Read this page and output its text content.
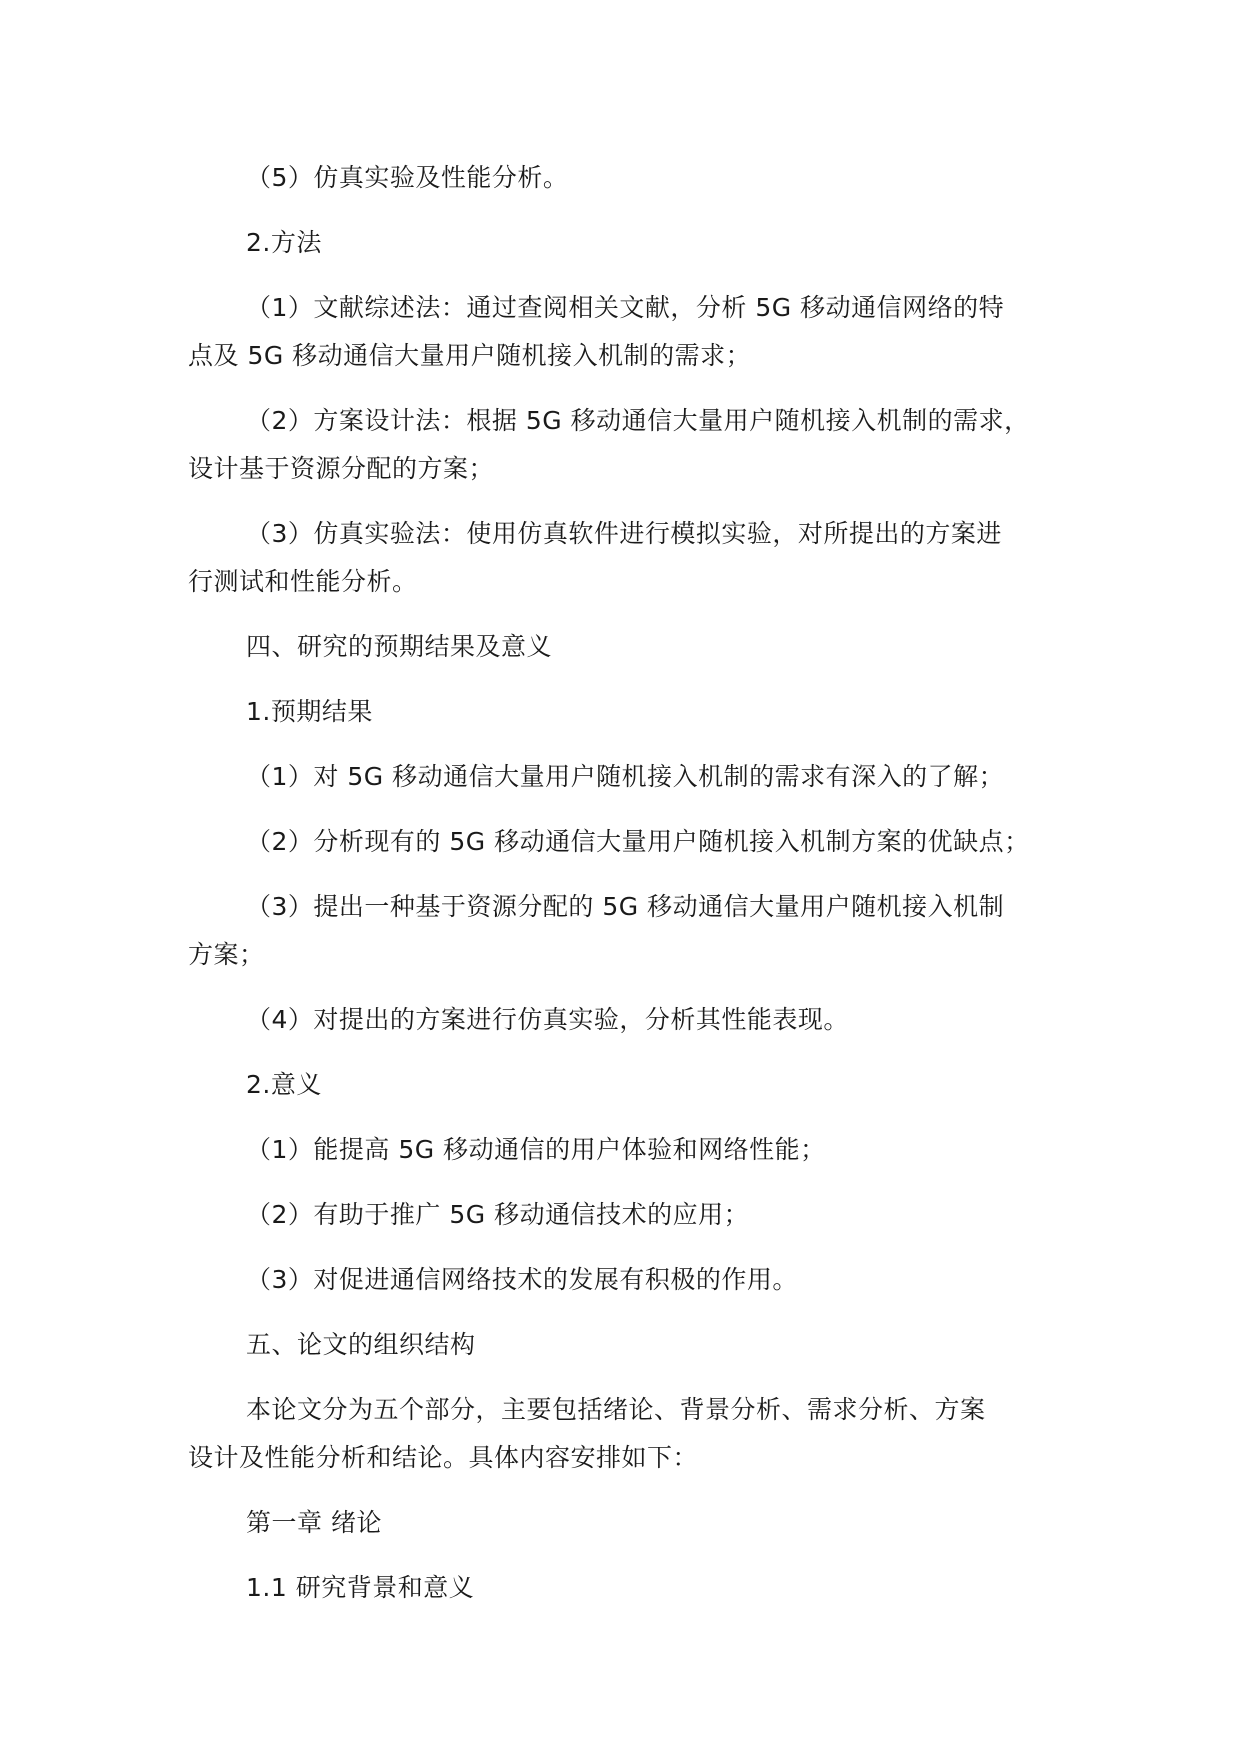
（5）仿真实验及性能分析。

2.方法

（1）文献综述法：通过查阅相关文献，分析 5G 移动通信网络的特
点及 5G 移动通信大量用户随机接入机制的需求；

（2）方案设计法：根据 5G 移动通信大量用户随机接入机制的需求，
设计基于资源分配的方案；

（3）仿真实验法：使用仿真软件进行模拟实验，对所提出的方案进
行测试和性能分析。

四、研究的预期结果及意义

1.预期结果

（1）对 5G 移动通信大量用户随机接入机制的需求有深入的了解；

（2）分析现有的 5G 移动通信大量用户随机接入机制方案的优缺点；

（3）提出一种基于资源分配的 5G 移动通信大量用户随机接入机制
方案；

（4）对提出的方案进行仿真实验，分析其性能表现。

2.意义

（1）能提高 5G 移动通信的用户体验和网络性能；

（2）有助于推广 5G 移动通信技术的应用；

（3）对促进通信网络技术的发展有积极的作用。

五、论文的组织结构

本论文分为五个部分，主要包括绪论、背景分析、需求分析、方案
设计及性能分析和结论。具体内容安排如下：

第一章 绪论

1.1 研究背景和意义
